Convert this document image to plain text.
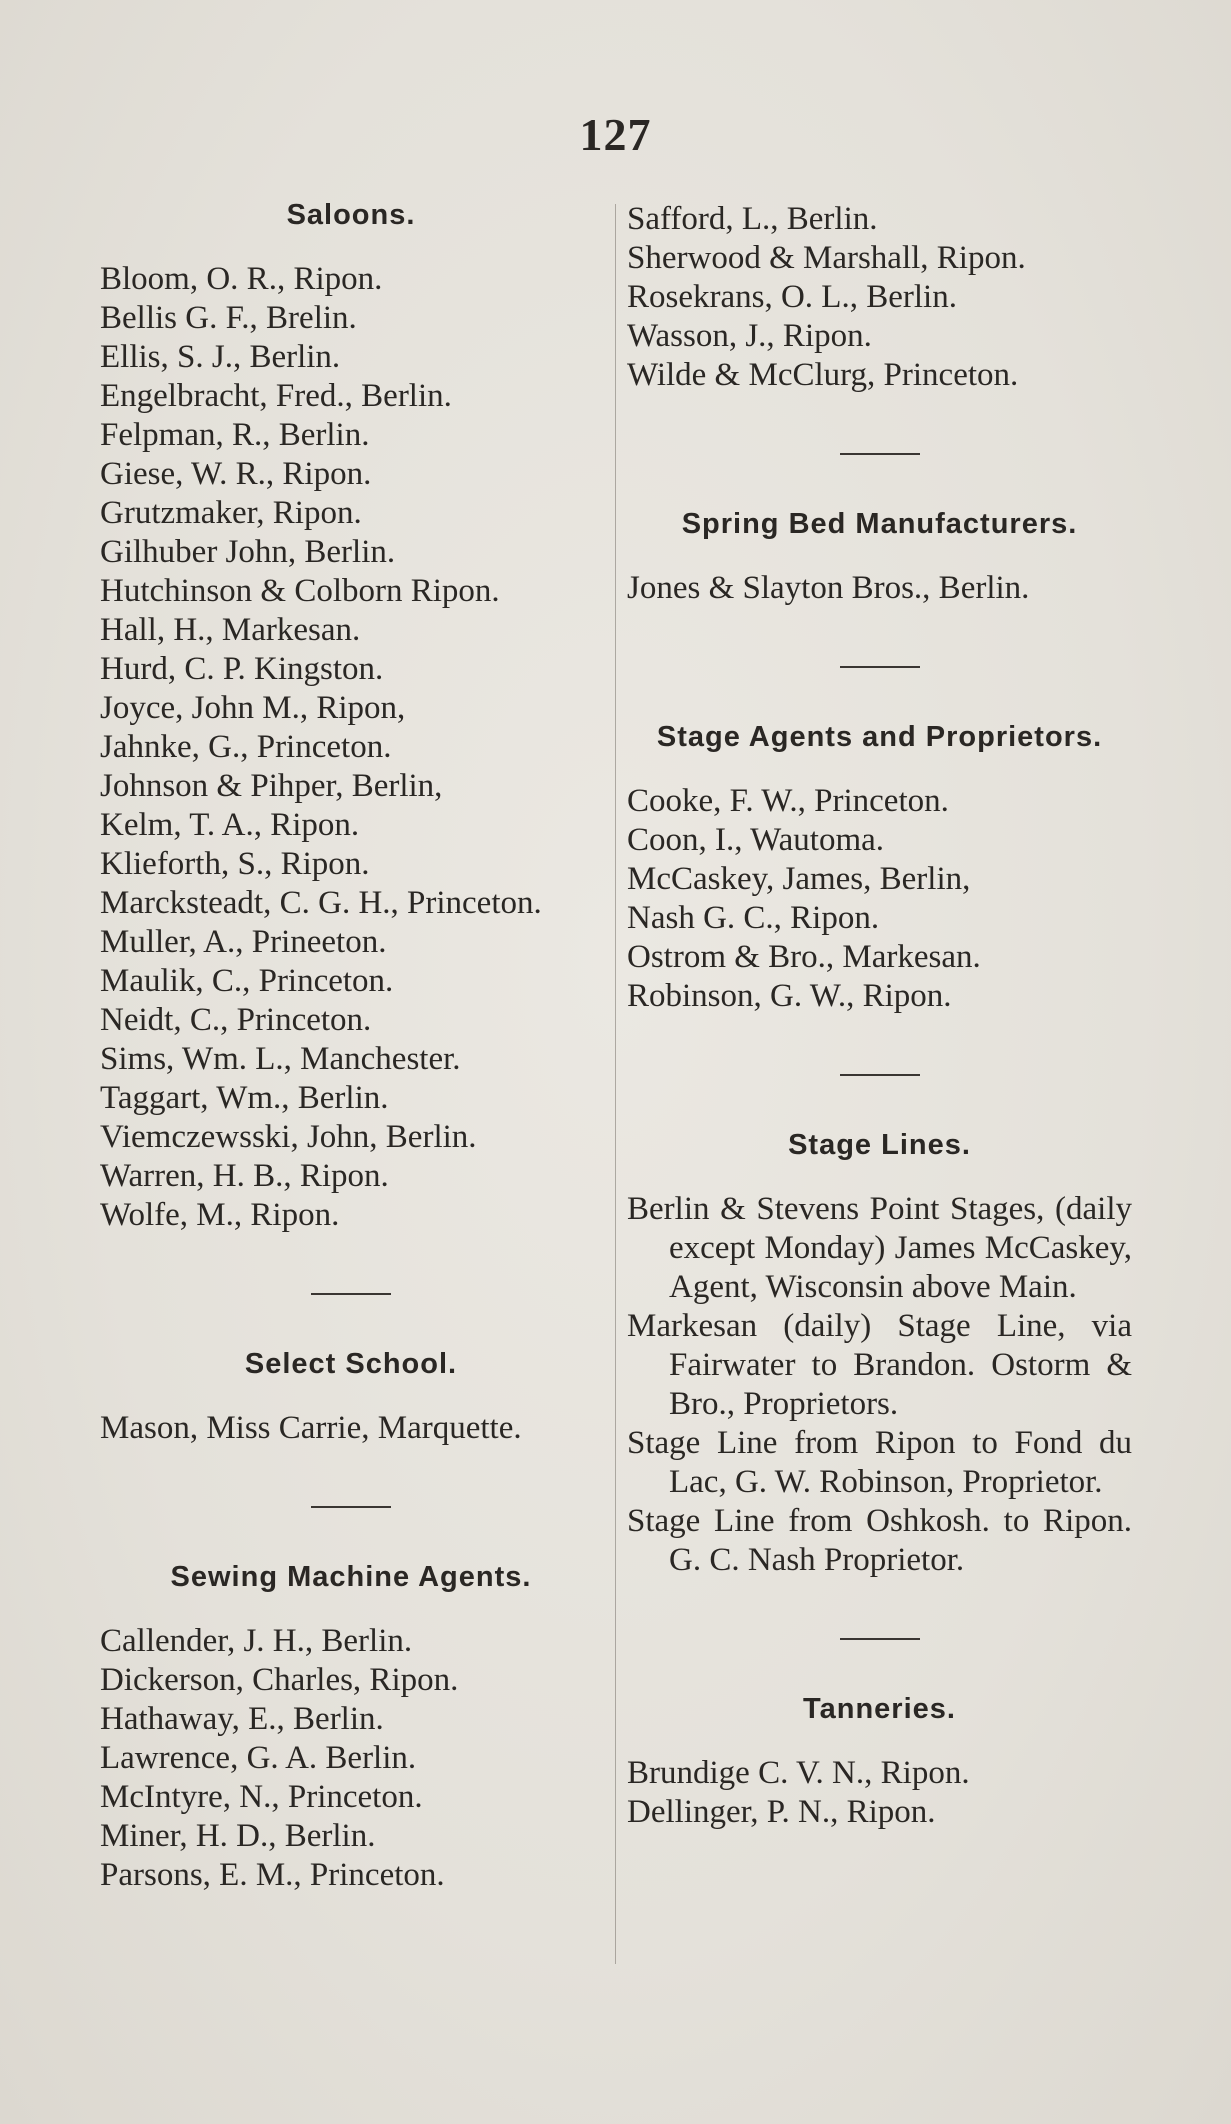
127
Saloons.
Bloom, O. R., Ripon.
Bellis G. F., Brelin.
Ellis, S. J., Berlin.
Engelbracht, Fred., Berlin.
Felpman, R., Berlin.
Giese, W. R., Ripon.
Grutzmaker, Ripon.
Gilhuber John, Berlin.
Hutchinson & Colborn Ripon.
Hall, H., Markesan.
Hurd, C. P. Kingston.
Joyce, John M., Ripon,
Jahnke, G., Princeton.
Johnson & Pihper, Berlin,
Kelm, T. A., Ripon.
Klieforth, S., Ripon.
Marcksteadt, C. G. H., Princeton.
Muller, A., Prineeton.
Maulik, C., Princeton.
Neidt, C., Princeton.
Sims, Wm. L., Manchester.
Taggart, Wm., Berlin.
Viemczewsski, John, Berlin.
Warren, H. B., Ripon.
Wolfe, M., Ripon.
Select School.
Mason, Miss Carrie, Marquette.
Sewing Machine Agents.
Callender, J. H., Berlin.
Dickerson, Charles, Ripon.
Hathaway, E., Berlin.
Lawrence, G. A. Berlin.
McIntyre, N., Princeton.
Miner, H. D., Berlin.
Parsons, E. M., Princeton.
Safford, L., Berlin.
Sherwood & Marshall, Ripon.
Rosekrans, O. L., Berlin.
Wasson, J., Ripon.
Wilde & McClurg, Princeton.
Spring Bed Manufacturers.
Jones & Slayton Bros., Berlin.
Stage Agents and Proprietors.
Cooke, F. W., Princeton.
Coon, I., Wautoma.
McCaskey, James, Berlin,
Nash G. C., Ripon.
Ostrom & Bro., Markesan.
Robinson, G. W., Ripon.
Stage Lines.
Berlin & Stevens Point Stages, (daily except Monday) James McCaskey, Agent, Wisconsin above Main.
Markesan (daily) Stage Line, via Fairwater to Brandon. Ostorm & Bro., Proprietors.
Stage Line from Ripon to Fond du Lac, G. W. Robinson, Proprietor.
Stage Line from Oshkosh. to Ripon. G. C. Nash Proprietor.
Tanneries.
Brundige C. V. N., Ripon.
Dellinger, P. N., Ripon.
